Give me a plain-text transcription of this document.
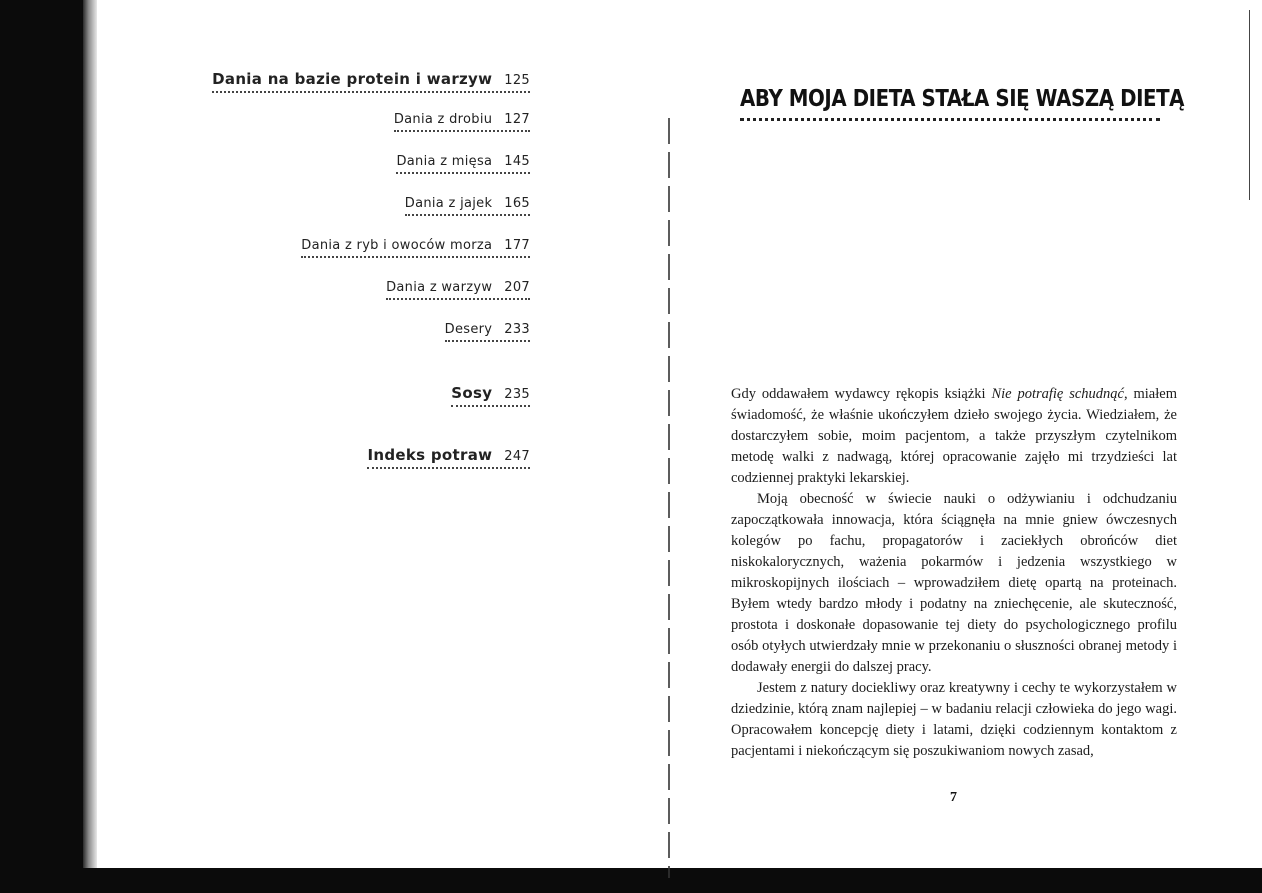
Dania na bazie protein i warzyw 125
Dania z drobiu 127
Dania z mięsa 145
Dania z jajek 165
Dania z ryb i owoców morza 177
Dania z warzyw 207
Desery 233
Sosy 235
Indeks potraw 247
ABY MOJA DIETA STAŁA SIĘ WASZĄ DIETĄ

Gdy oddawałem wydawcy rękopis książki Nie potrafię schudnąć, miałem świadomość, że właśnie ukończyłem dzieło swojego życia. Wiedziałem, że dostarczyłem sobie, moim pacjentom, a także przyszłym czytelnikom metodę walki z nadwagą, której opracowanie zajęło mi trzydzieści lat codziennej praktyki lekarskiej.

Moją obecność w świecie nauki o odżywianiu i odchudzaniu zapoczątkowała innowacja, która ściągnęła na mnie gniew ówczesnych kolegów po fachu, propagatorów i zaciekłych obrońców diet niskokalorycznych, ważenia pokarmów i jedzenia wszystkiego w mikroskopijnych ilościach – wprowadziłem dietę opartą na proteinach. Byłem wtedy bardzo młody i podatny na zniechęcenie, ale skuteczność, prostota i doskonałe dopasowanie tej diety do psychologicznego profilu osób otyłych utwierdzały mnie w przekonaniu o słuszności obranej metody i dodawały energii do dalszej pracy.

Jestem z natury dociekliwy oraz kreatywny i cechy te wykorzystałem w dziedzinie, którą znam najlepiej – w badaniu relacji człowieka do jego wagi. Opracowałem koncepcję diety i latami, dzięki codziennym kontaktom z pacjentami i niekończącym się poszukiwaniom nowych zasad,

7
